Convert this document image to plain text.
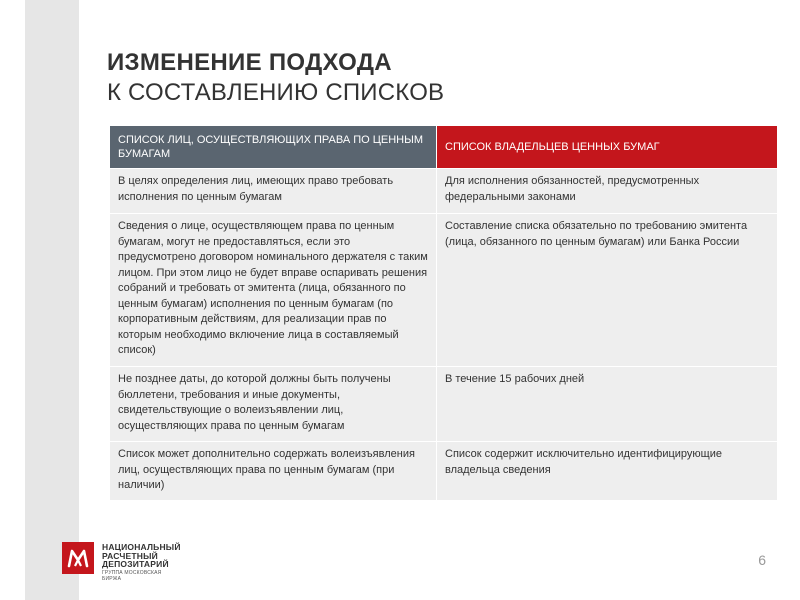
ИЗМЕНЕНИЕ ПОДХОДА
К СОСТАВЛЕНИЮ СПИСКОВ
СПИСОК ЛИЦ, ОСУЩЕСТВЛЯЮЩИХ ПРАВА ПО ЦЕННЫМ БУМАГАМ
СПИСОК ВЛАДЕЛЬЦЕВ ЦЕННЫХ БУМАГ
В целях определения лиц, имеющих право требовать исполнения по ценным бумагам
Для исполнения обязанностей, предусмотренных федеральными законами
Сведения о лице, осуществляющем права по ценным бумагам, могут не предоставляться, если это предусмотрено договором номинального держателя с таким лицом. При этом лицо не будет вправе оспаривать решения собраний и требовать от эмитента (лица, обязанного по ценным бумагам) исполнения по ценным бумагам (по корпоративным действиям, для реализации прав по которым необходимо включение лица в составляемый список)
Составление списка обязательно по требованию эмитента (лица, обязанного по ценным бумагам) или Банка России
Не позднее даты, до которой должны быть получены бюллетени, требования и иные документы, свидетельствующие о волеизъявлении лиц, осуществляющих права по ценным бумагам
В течение 15 рабочих дней
Список может дополнительно содержать волеизъявления лиц, осуществляющих права по ценным бумагам (при наличии)
Список содержит исключительно идентифицирующие владельца сведения
НАЦИОНАЛЬНЫЙ
РАСЧЕТНЫЙ
ДЕПОЗИТАРИЙ
ГРУППА МОСКОВСКАЯ БИРЖА
6
